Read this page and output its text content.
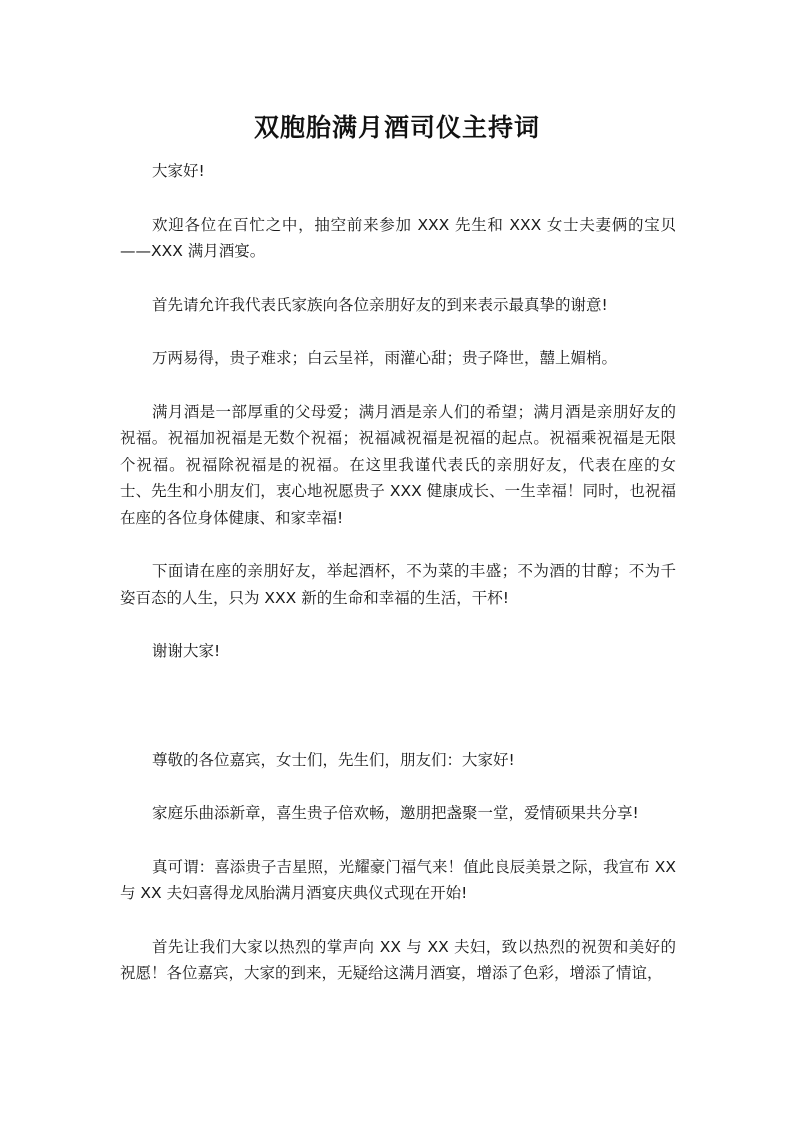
双胞胎满月酒司仪主持词

大家好!

欢迎各位在百忙之中，抽空前来参加 XXX 先生和 XXX 女士夫妻俩的宝贝——XXX 满月酒宴。

首先请允许我代表氏家族向各位亲朋好友的到来表示最真挚的谢意!

万两易得，贵子难求；白云呈祥，雨灌心甜；贵子降世，囍上媚梢。

满月酒是一部厚重的父母爱；满月酒是亲人们的希望；满月酒是亲朋好友的祝福。祝福加祝福是无数个祝福；祝福减祝福是祝福的起点。祝福乘祝福是无限个祝福。祝福除祝福是的祝福。在这里我谨代表氏的亲朋好友，代表在座的女士、先生和小朋友们，衷心地祝愿贵子 XXX 健康成长、一生幸福！同时，也祝福在座的各位身体健康、和家幸福!

下面请在座的亲朋好友，举起酒杯，不为菜的丰盛；不为酒的甘醇；不为千姿百态的人生，只为 XXX 新的生命和幸福的生活，干杯!

谢谢大家!

尊敬的各位嘉宾，女士们，先生们，朋友们：大家好!

家庭乐曲添新章，喜生贵子倍欢畅，邀朋把盏聚一堂，爱情硕果共分享!

真可谓：喜添贵子吉星照，光耀豪门福气来！值此良辰美景之际，我宣布 XX 与 XX 夫妇喜得龙凤胎满月酒宴庆典仪式现在开始!

首先让我们大家以热烈的掌声向 XX 与 XX 夫妇，致以热烈的祝贺和美好的祝愿！各位嘉宾，大家的到来，无疑给这满月酒宴，增添了色彩，增添了情谊，
